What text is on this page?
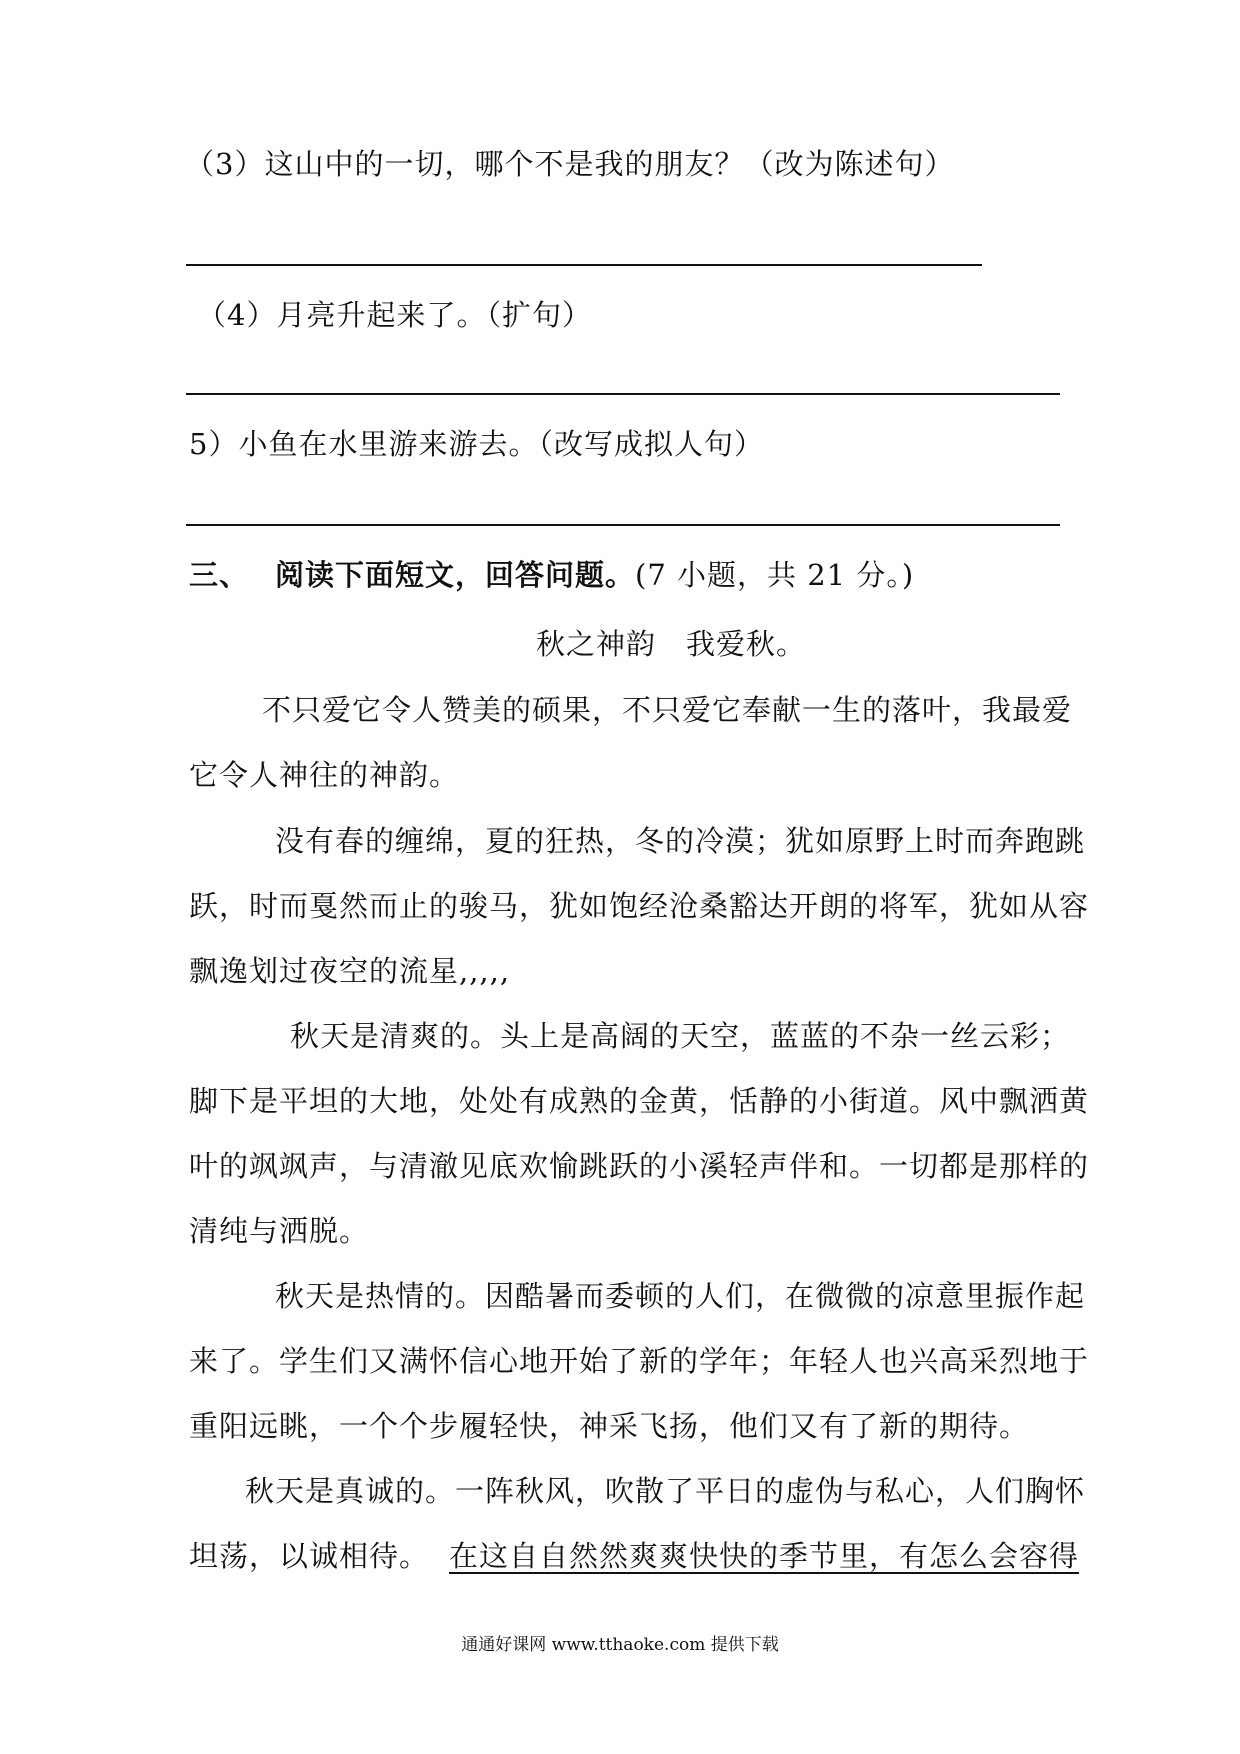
（3）这山中的一切，哪个不是我的朋友？（改为陈述句）
（4）月亮升起来了。（扩句）
5）小鱼在水里游来游去。（改写成拟人句）
三、 阅读下面短文，回答问题。(7 小题，共 21 分。)
秋之神韵　我爱秋。
不只爱它令人赞美的硕果，不只爱它奉献一生的落叶，我最爱
它令人神往的神韵。
没有春的缠绵，夏的狂热，冬的冷漠；犹如原野上时而奔跑跳
跃，时而戛然而止的骏马，犹如饱经沧桑豁达开朗的将军，犹如从容
飘逸划过夜空的流星,,,,,
秋天是清爽的。头上是高阔的天空，蓝蓝的不杂一丝云彩；
脚下是平坦的大地，处处有成熟的金黄，恬静的小街道。风中飘洒黄
叶的飒飒声，与清澈见底欢愉跳跃的小溪轻声伴和。一切都是那样的
清纯与洒脱。
秋天是热情的。因酷暑而委顿的人们，在微微的凉意里振作起
来了。学生们又满怀信心地开始了新的学年；年轻人也兴高采烈地于
重阳远眺，一个个步履轻快，神采飞扬，他们又有了新的期待。
秋天是真诚的。一阵秋风，吹散了平日的虚伪与私心，人们胸怀
坦荡，以诚相待。 在这自自然然爽爽快快的季节里，有怎么会容得
通通好课网 www.tthaoke.com 提供下载
